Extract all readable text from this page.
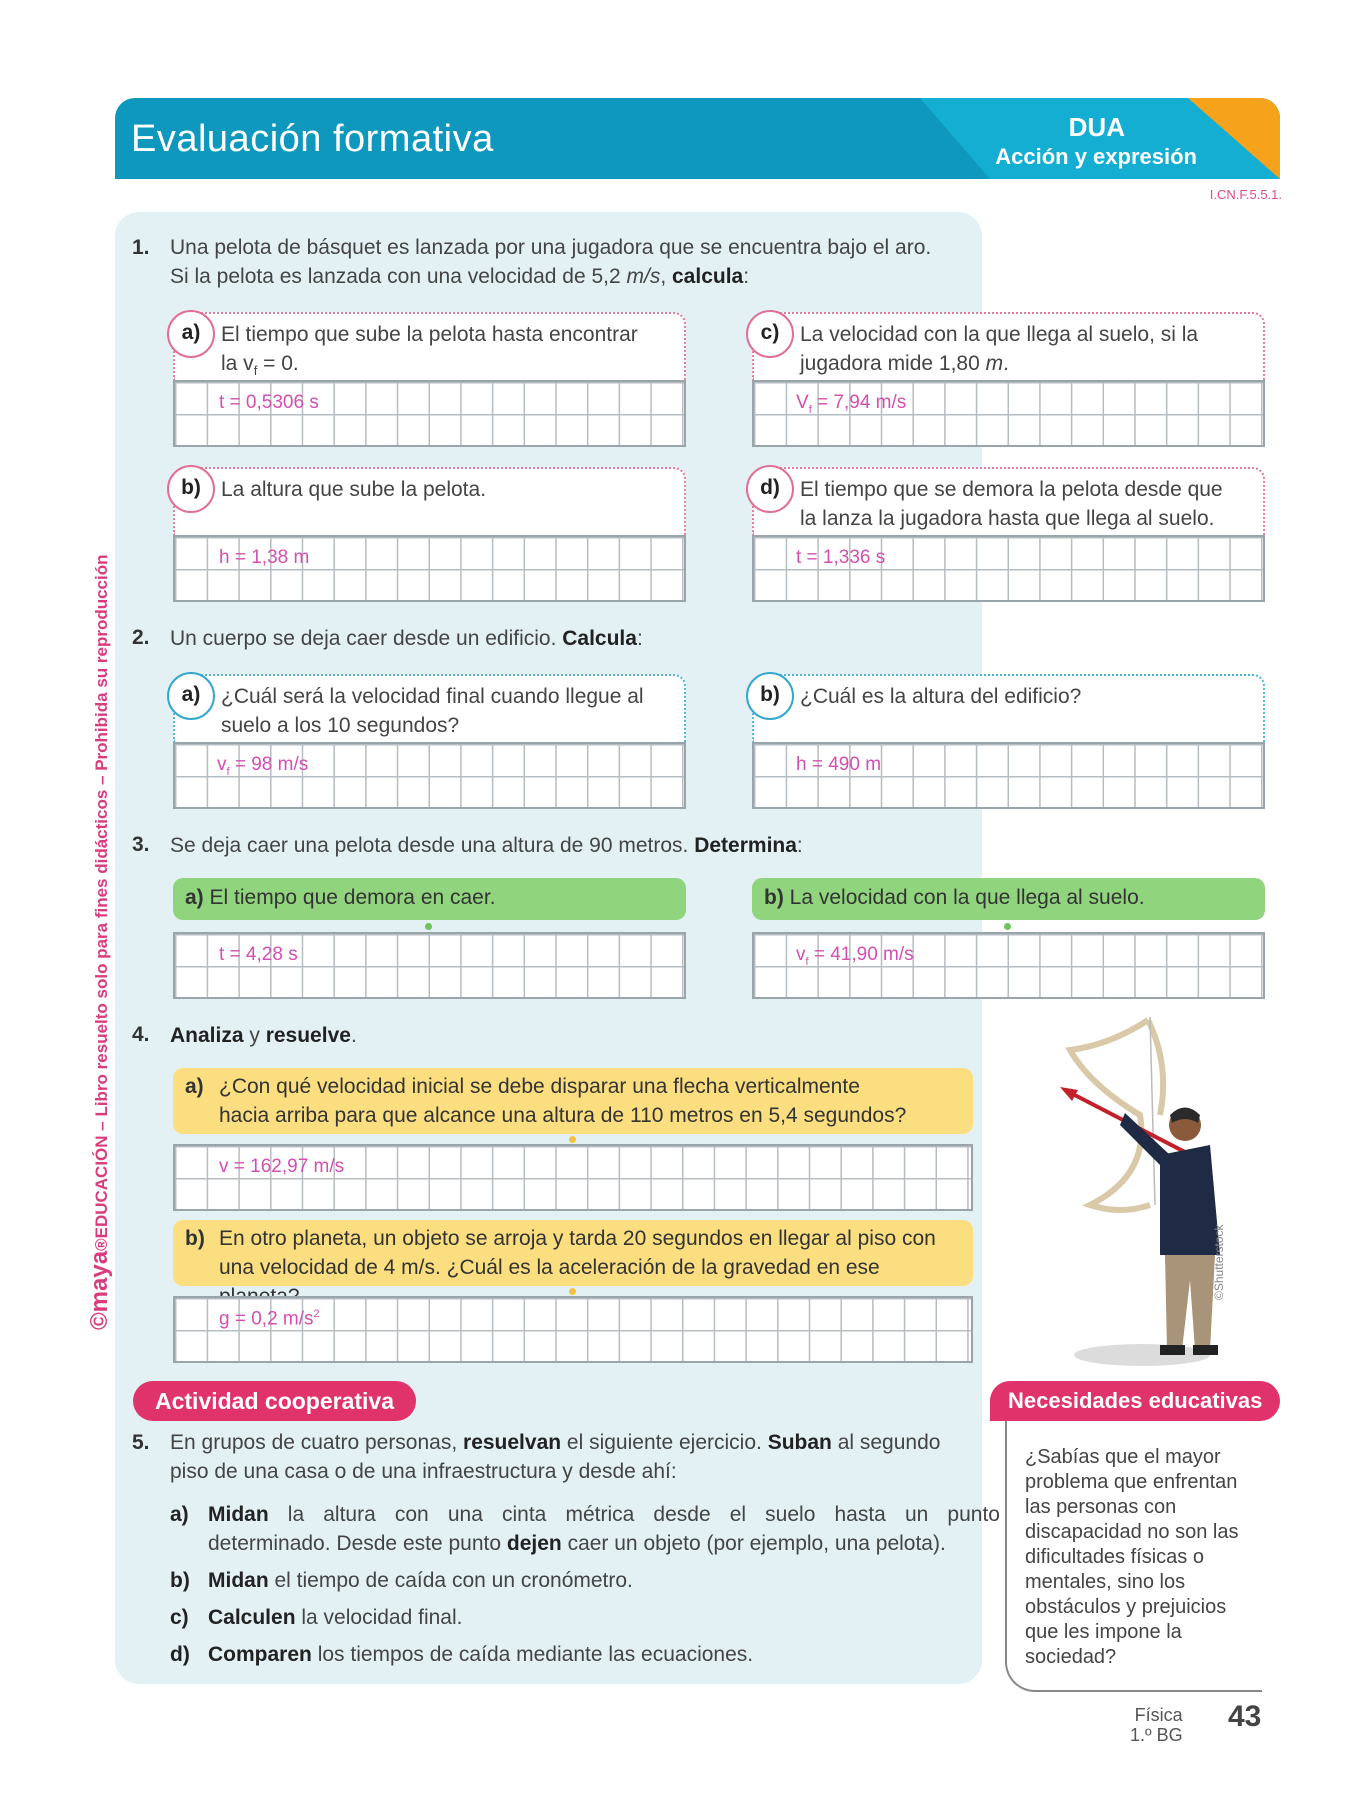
Evaluación formativa	DUA
Acción y expresión
I.CN.F.5.5.1.
©maya®EDUCACIÓN – Libro resuelto solo para fines didácticos – Prohibida su reproducción
1. Una pelota de básquet es lanzada por una jugadora que se encuentra bajo el aro.
Si la pelota es lanzada con una velocidad de 5,2 m/s, calcula:
a) El tiempo que sube la pelota hasta encontrar
la $v_f = 0$.
t = 0,5306 s
c) La velocidad con la que llega al suelo, si la
jugadora mide 1,80 m.
$V_f = 7,94$ m/s
b) La altura que sube la pelota.
h = 1,38 m
d) El tiempo que se demora la pelota desde que
la lanza la jugadora hasta que llega al suelo.
t = 1,336 s
2. Un cuerpo se deja caer desde un edificio. Calcula:
a) ¿Cuál será la velocidad final cuando llegue al
suelo a los 10 segundos?
$v_f = 98$ m/s
b) ¿Cuál es la altura del edificio?
h = 490 m
3. Se deja caer una pelota desde una altura de 90 metros. Determina:
a) El tiempo que demora en caer.
t = 4,28 s
b) La velocidad con la que llega al suelo.
$v_f = 41,90$ m/s
4. Analiza y resuelve.
a) ¿Con qué velocidad inicial se debe disparar una flecha verticalmente
hacia arriba para que alcance una altura de 110 metros en 5,4 segundos?
v = 162,97 m/s
b) En otro planeta, un objeto se arroja y tarda 20 segundos en llegar al piso con
una velocidad de 4 m/s. ¿Cuál es la aceleración de la gravedad en ese
g = 0,2 $m/s^2$
©Shutterstock
Actividad cooperativa
5. En grupos de cuatro personas, resuelvan el siguiente ejercicio. Suban al segundo
piso de una casa o de una infraestructura y desde ahí:
a) Midan la altura con una cinta métrica desde el suelo hasta un punto
determinado. Desde este punto dejen caer un objeto (por ejemplo, una pelota).
b) Midan el tiempo de caída con un cronómetro.
c) Calculen la velocidad final.
d) Comparen los tiempos de caída mediante las ecuaciones.
Necesidades educativas
¿Sabías que el mayor
problema que enfrentan
las personas con
discapacidad no son las
dificultades físicas o
mentales, sino los
obstáculos y prejuicios
que les impone la
sociedad?
Física
1.º BG
43
